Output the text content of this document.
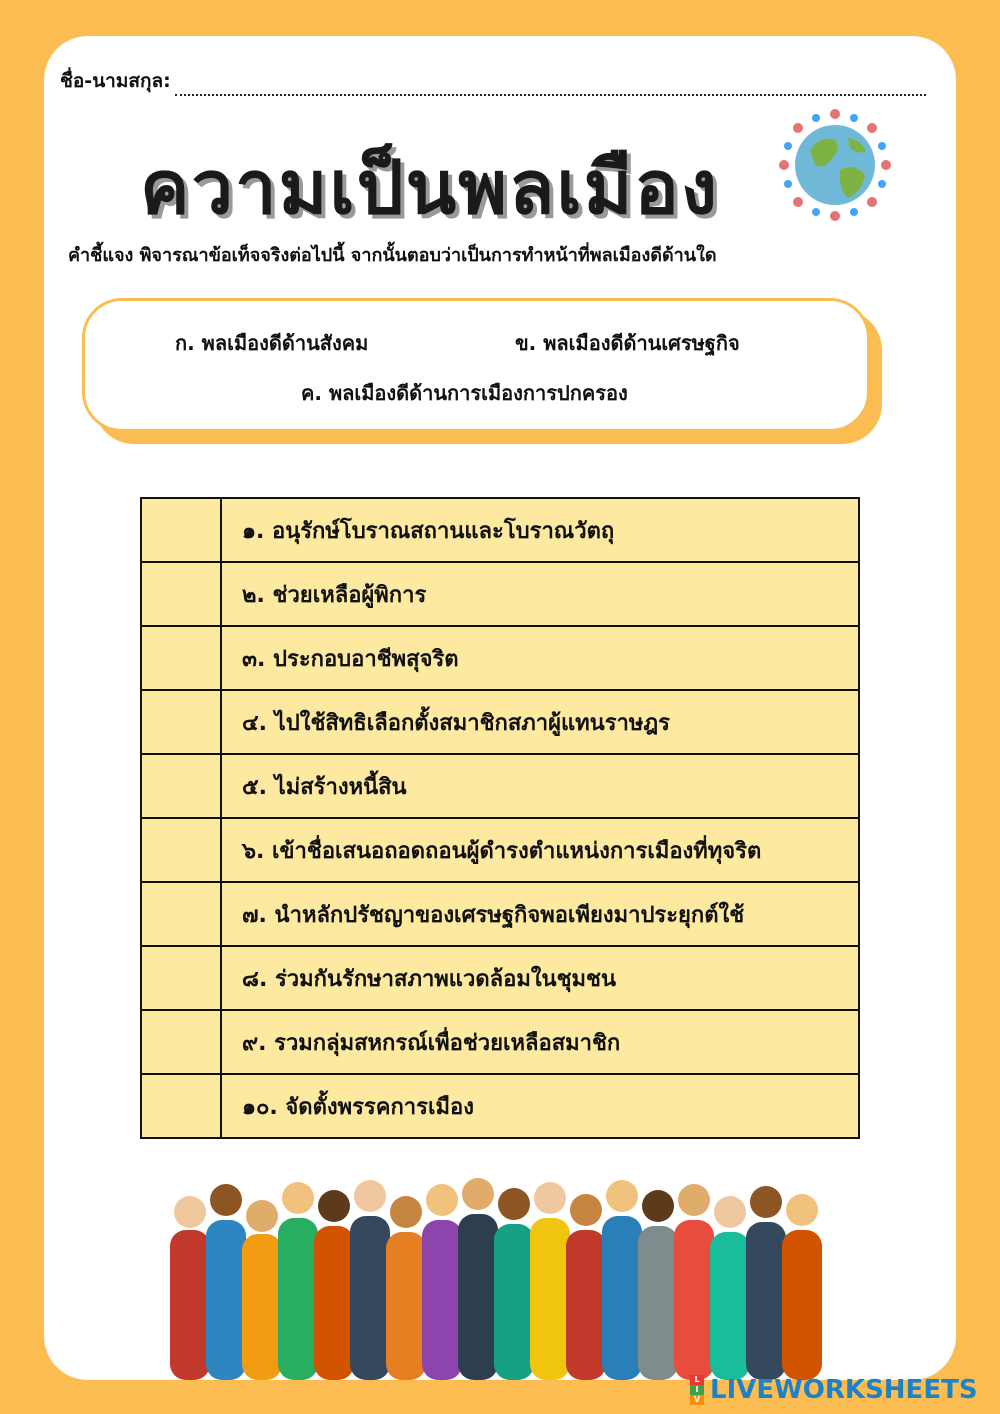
ชื่อ-นามสกุล:
ความเป็นพลเมือง
คำชี้แจง พิจารณาข้อเท็จจริงต่อไปนี้ จากนั้นตอบว่าเป็นการทำหน้าที่พลเมืองดีด้านใด
ก. พลเมืองดีด้านสังคม	ข. พลเมืองดีด้านเศรษฐกิจ
ค. พลเมืองดีด้านการเมืองการปกครอง
	๑. อนุรักษ์โบราณสถานและโบราณวัตถุ
	๒. ช่วยเหลือผู้พิการ
	๓. ประกอบอาชีพสุจริต
	๔. ไปใช้สิทธิเลือกตั้งสมาชิกสภาผู้แทนราษฎร
	๕. ไม่สร้างหนี้สิน
	๖. เข้าชื่อเสนอถอดถอนผู้ดำรงตำแหน่งการเมืองที่ทุจริต
	๗. นำหลักปรัชญาของเศรษฐกิจพอเพียงมาประยุกต์ใช้
	๘. ร่วมกันรักษาสภาพแวดล้อมในชุมชน
	๙. รวมกลุ่มสหกรณ์เพื่อช่วยเหลือสมาชิก
	๑๐. จัดตั้งพรรคการเมือง
L
I
V LIVEWORKSHEETS
